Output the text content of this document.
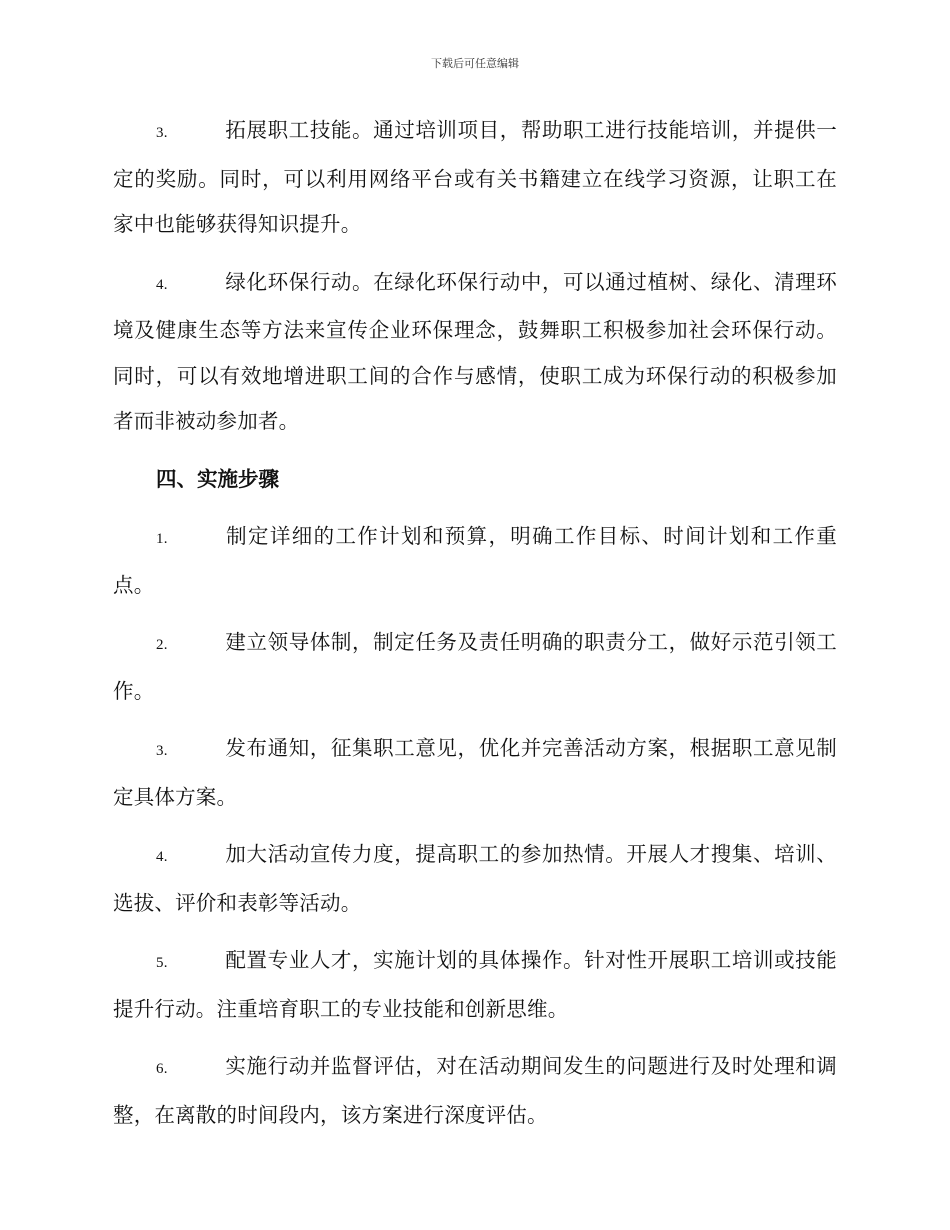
下载后可任意编辑

3.	拓展职工技能。通过培训项目，帮助职工进行技能培训，并提供一定的奖励。同时，可以利用网络平台或有关书籍建立在线学习资源，让职工在家中也能够获得知识提升。

4.	绿化环保行动。在绿化环保行动中，可以通过植树、绿化、清理环境及健康生态等方法来宣传企业环保理念，鼓舞职工积极参加社会环保行动。同时，可以有效地增进职工间的合作与感情，使职工成为环保行动的积极参加者而非被动参加者。

四、实施步骤

1.	制定详细的工作计划和预算，明确工作目标、时间计划和工作重点。

2.	建立领导体制，制定任务及责任明确的职责分工，做好示范引领工作。

3.	发布通知，征集职工意见，优化并完善活动方案，根据职工意见制定具体方案。

4.	加大活动宣传力度，提高职工的参加热情。开展人才搜集、培训、选拔、评价和表彰等活动。

5.	配置专业人才，实施计划的具体操作。针对性开展职工培训或技能提升行动。注重培育职工的专业技能和创新思维。

6.	实施行动并监督评估，对在活动期间发生的问题进行及时处理和调整，在离散的时间段内，该方案进行深度评估。
